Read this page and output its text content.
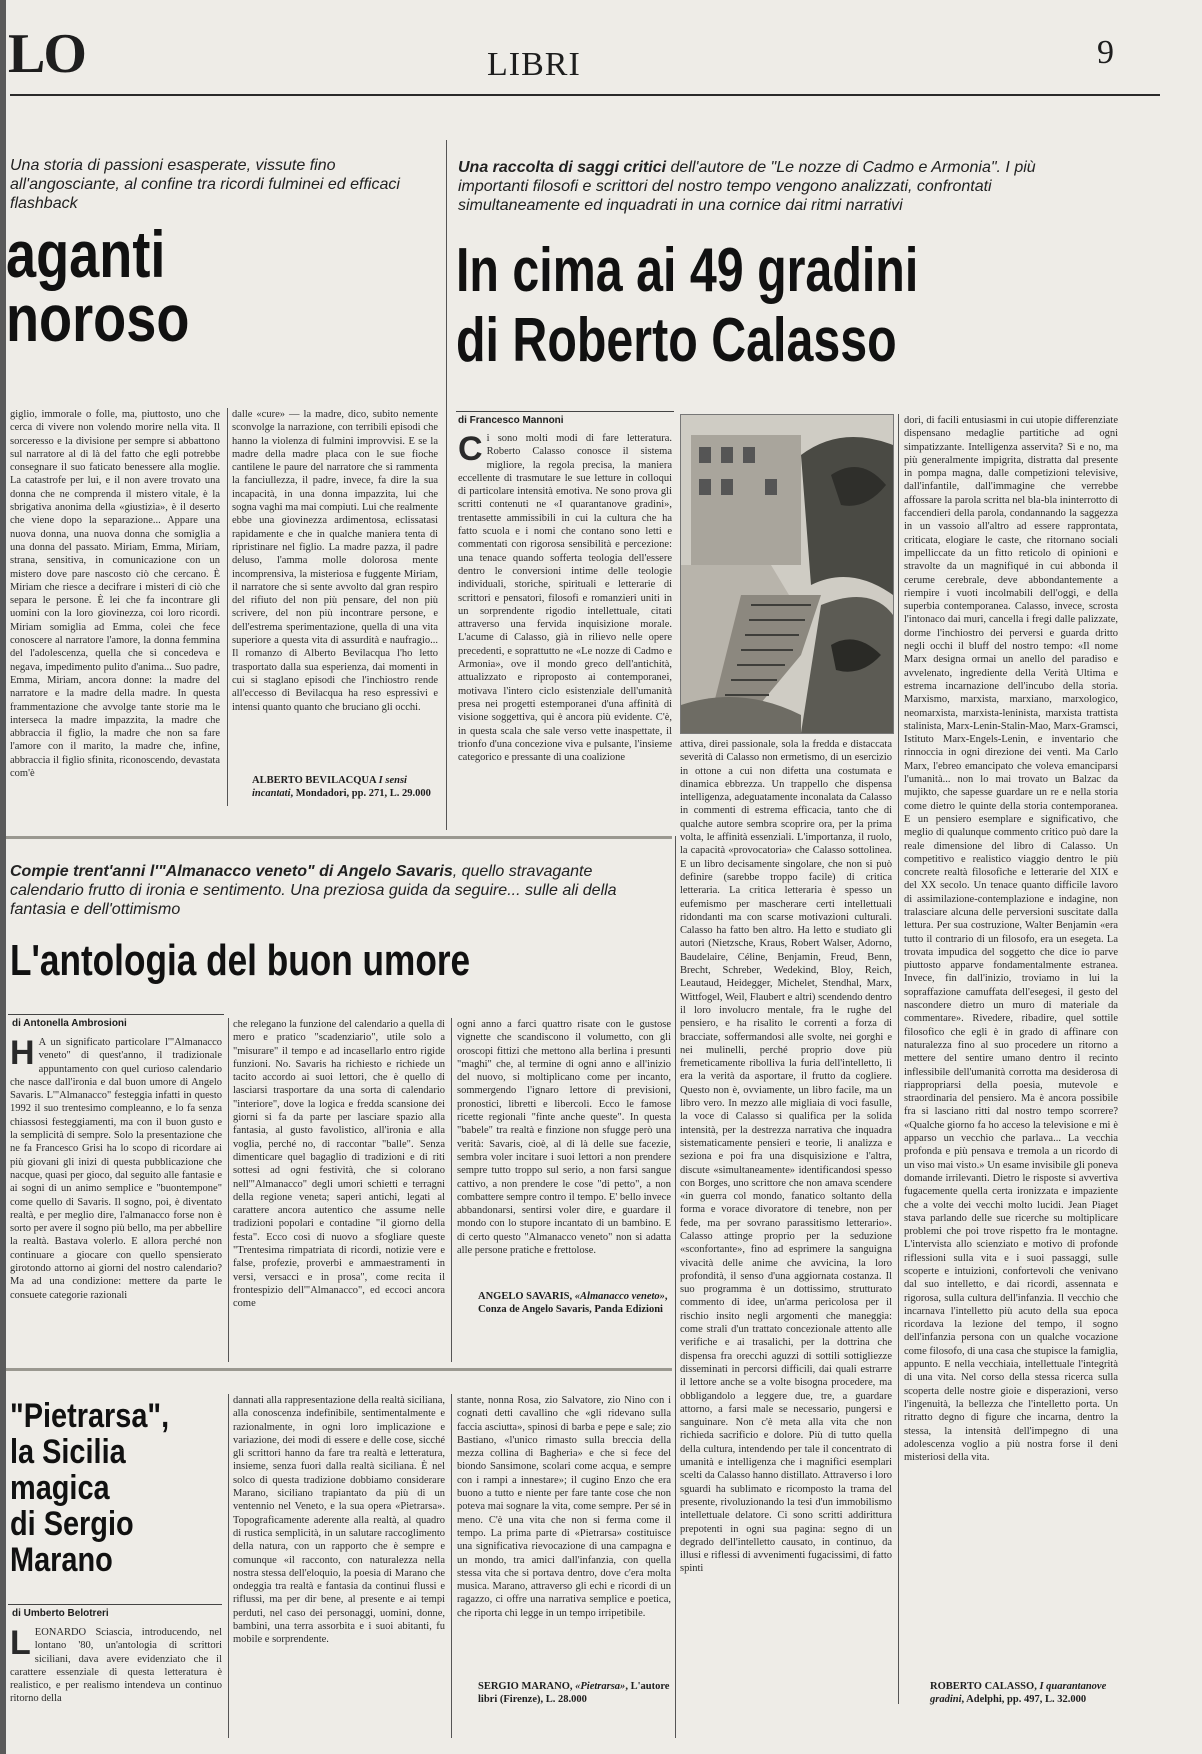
LO	LIBRI	9
Una storia di passioni esasperate, vissute fino all'angosciante, al confine tra ricordi fulminei ed efficaci flashback
aganti
noroso
giglio, immorale o folle, ma, piuttosto, uno che cerca di vivere non volendo morire nella vita. Il sorceresso e la divisione per sempre si abbattono sul narratore al di là del fatto che egli potrebbe consegnare il suo faticato benessere alla moglie. La catastrofe per lui, e il non avere trovato una donna che ne comprenda il mistero vitale, è la sbrigativa anonima della «giustizia», è il deserto che viene dopo la separazione... Appare una nuova donna, una nuova donna che somiglia a una donna del passato. Miriam, Emma, Miriam, strana, sensitiva, in comunicazione con un mistero dove pare nascosto ciò che cercano. È Miriam che riesce a decifrare i misteri di ciò che separa le persone. È lei che fa incontrare gli uomini con la loro giovinezza, coi loro ricordi. Miriam somiglia ad Emma, colei che fece conoscere al narratore l'amore, la donna femmina del l'adolescenza, quella che si concedeva e negava, impedimento pulito d'anima... Suo padre, Emma, Miriam, ancora donne: la madre del narratore e la madre della madre. In questa frammentazione che avvolge tante storie ma le interseca la madre impazzita, la madre che abbraccia il figlio, la madre che non sa fare l'amore con il marito, la madre che, infine, abbraccia il figlio sfinita, riconoscendo, devastata com'è
dalle «cure» — la madre, dico, subito nemente sconvolge la narrazione, con terribili episodi che hanno la violenza di fulmini improvvisi. E se la madre della madre placa con le sue fioche cantilene le paure del narratore che si rammenta la fanciullezza, il padre, invece, fa dire la sua incapacità, in una donna impazzita, lui che sogna vaghi ma mai compiuti. Lui che realmente ebbe una giovinezza ardimentosa, eclissatasi rapidamente e che in qualche maniera tenta di ripristinare nel figlio. La madre pazza, il padre deluso, l'amma molle dolorosa mente incomprensiva, la misteriosa e fuggente Miriam, il narratore che si sente avvolto dal gran respiro del rifiuto del non più pensare, del non più scrivere, del non più incontrare persone, e dell'estrema sperimentazione, quella di una vita superiore a questa vita di assurdità e naufragio... Il romanzo di Alberto Bevilacqua l'ho letto trasportato dalla sua esperienza, dai momenti in cui si staglano episodi che l'inchiostro rende all'eccesso di Bevilacqua ha reso espressivi e intensi quanto quanto che bruciano gli occhi.
ALBERTO BEVILACQUA I sensi incantati, Mondadori, pp. 271, L. 29.000
Una raccolta di saggi critici dell'autore de "Le nozze di Cadmo e Armonia". I più importanti filosofi e scrittori del nostro tempo vengono analizzati, confrontati simultaneamente ed inquadrati in una cornice dai ritmi narrativi
In cima ai 49 gradini
di Roberto Calasso
di Francesco Mannoni
Ci sono molti modi di fare letteratura. Roberto Calasso conosce il sistema migliore, la regola precisa, la maniera eccellente di trasmutare le sue letture in colloqui di particolare intensità emotiva. Ne sono prova gli scritti contenuti ne «I quarantanove gradini», trentasette ammissibili in cui la cultura che ha fatto scuola e i nomi che contano sono letti e commentati con rigorosa sensibilità e percezione: una tenace quando sofferta teologia dell'essere dentro le conversioni intime delle teologie individuali, storiche, spirituali e letterarie di scrittori e pensatori, filosofi e romanzieri uniti in un sorprendente rigodio intellettuale, citati attraverso una fervida inquisizione morale. L'acume di Calasso, già in rilievo nelle opere precedenti, e soprattutto ne «Le nozze di Cadmo e Armonia», ove il mondo greco dell'antichità, attualizzato e riproposto ai contemporanei, motivava l'intero ciclo esistenziale dell'umanità presa nei progetti estemporanei d'una affinità di visione soggettiva, qui è ancora più evidente. C'è, in questa scala che sale verso vette inaspettate, il trionfo d'una concezione viva e pulsante, l'insieme categorico e pressante di una coalizione
attiva, direi passionale, sola la fredda e distaccata severità di Calasso non ermetismo, di un esercizio in ottone a cui non difetta una costumata e dinamica ebbrezza. Un trappello che dispensa intelligenza, adeguatamente inconalata da Calasso in commenti di estrema efficacia, tanto che di qualche autore sembra scoprire ora, per la prima volta, le affinità essenziali. L'importanza, il ruolo, la capacità «provocatoria» che Calasso sottolinea. E un libro decisamente singolare, che non si può definire (sarebbe troppo facile) di critica letteraria. La critica letteraria è spesso un eufemismo per mascherare certi intellettuali ridondanti ma con scarse motivazioni culturali. Calasso ha fatto ben altro. Ha letto e studiato gli autori (Nietzsche, Kraus, Robert Walser, Adorno, Baudelaire, Céline, Benjamin, Freud, Benn, Brecht, Schreber, Wedekind, Bloy, Reich, Leautaud, Heidegger, Michelet, Stendhal, Marx, Wittfogel, Weil, Flaubert e altri) scendendo dentro il loro involucro mentale, fra le rughe del pensiero, e ha risalito le correnti a forza di bracciate, soffermandosi alle svolte, nei gorghi e nei mulinelli, perché proprio dove più fremeticamente ribolliva la furia dell'intelletto, lì era la verità da asportare, il frutto da cogliere. Questo non è, ovviamente, un libro facile, ma un libro vero. In mezzo alle migliaia di voci fasulle, la voce di Calasso si qualifica per la solida intensità, per la destrezza narrativa che inquadra sistematicamente pensieri e teorie, li analizza e seziona e poi fra una disquisizione e l'altra, discute «simultaneamente» identificandosi spesso con Borges, uno scrittore che non amava scendere «in guerra col mondo, fanatico soltanto della forma e vorace divoratore di tenebre, non per fede, ma per sovrano parassitismo letterario». Calasso attinge proprio per la seduzione «sconfortante», fino ad esprimere la sanguigna vivacità delle anime che avvicina, la loro profondità, il senso d'una aggiornata costanza. Il suo programma è un dottissimo, strutturato commento di idee, un'arma pericolosa per il rischio insito negli argomenti che maneggia: come strali d'un trattato concezionale attento alle verifiche e ai trasalichi, per la dottrina che dispensa fra orecchi aguzzi di sottili sottigliezze disseminati in percorsi difficili, dai quali estrarre il lettore anche se a volte bisogna procedere, ma obbligandolo a leggere due, tre, a guardare attorno, a farsi male se necessario, pungersi e sanguinare. Non c'è meta alla vita che non richieda sacrificio e dolore. Più di tutto quella della cultura, intendendo per tale il concentrato di umanità e intelligenza che i magnifici esemplari scelti da Calasso hanno distillato. Attraverso i loro sguardi ha sublimato e ricomposto la trama del presente, rivoluzionando la tesi d'un immobilismo intellettuale delatore. Ci sono scritti addirittura prepotenti in ogni sua pagina: segno di un degrado dell'intelletto causato, in continuo, da illusi e riflessi di avvenimenti fugacissimi, di fatto spinti
dori, di facili entusiasmi in cui utopie differenziate dispensano medaglie partitiche ad ogni simpatizzante. Intelligenza asservita? Sì e no, ma più generalmente impigrita, distratta dal presente in pompa magna, dalle competizioni televisive, dall'infantile, dall'immagine che verrebbe affossare la parola scritta nel bla-bla ininterrotto di faccendieri della parola, condannando la saggezza in un vassoio all'altro ad essere rapprontata, criticata, elogiare le caste, che ritornano sociali impelliccate da un fitto reticolo di opinioni e stravolte da un magnifiqué in cui abbonda il cerume cerebrale, deve abbondantemente a riempire i vuoti incolmabili dell'oggi, e della superbia contemporanea. Calasso, invece, scrosta l'intonaco dai muri, cancella i fregi dalle palizzate, dorme l'inchiostro dei perversi e guarda dritto negli occhi il bluff del nostro tempo: «Il nome Marx designa ormai un anello del paradiso e avvelenato, ingrediente della Verità Ultima e estrema incarnazione dell'incubo della storia. Marxismo, marxista, marxiano, marxologico, neomarxista, marxista-leninista, marxista trattista stalinista, Marx-Lenin-Stalin-Mao, Marx-Gramsci, Istituto Marx-Engels-Lenin, e inventario che rinnoccia in ogni direzione dei venti. Ma Carlo Marx, l'ebreo emancipato che voleva emanciparsi l'umanità... non lo mai trovato un Balzac da mujikto, che sapesse guardare un re e nella storia come dietro le quinte della storia contemporanea. E un pensiero esemplare e significativo, che meglio di qualunque commento critico può dare la reale dimensione del libro di Calasso. Un competitivo e realistico viaggio dentro le più concrete realtà filosofiche e letterarie del XIX e del XX secolo. Un tenace quanto difficile lavoro di assimilazione-contemplazione e indagine, non tralasciare alcuna delle perversioni suscitate dalla lettura. Per sua costruzione, Walter Benjamin «era tutto il contrario di un filosofo, era un esegeta. La trovata impudica del soggetto che dice io parve piuttosto apparve fondamentalmente estranea. Invece, fin dall'inizio, troviamo in lui la sopraffazione camuffata dell'esegesi, il gesto del nascondere dietro un muro di materiale da commentare». Rivedere, ribadire, quel sottile filosofico che egli è in grado di affinare con naturalezza fino al suo procedere un ritorno a mettere del sentire umano dentro il recinto inflessibile dell'umanità corrotta ma desiderosa di riappropriarsi della poesia, mutevole e straordinaria del pensiero. Ma è ancora possibile fra si lasciano ritti dal nostro tempo scorrere? «Qualche giorno fa ho acceso la televisione e mi è apparso un vecchio che parlava... La vecchia profonda e più pensava e tremola a un ricordo di un viso mai visto.» Un esame invisibile gli poneva domande irrilevanti. Dietro le risposte si avvertiva fugacemente quella certa ironizzata e impaziente che a volte dei vecchi molto lucidi. Jean Piaget stava parlando delle sue ricerche su moltiplicare problemi che poi trove rispetto fra le montagne. L'intervista allo scienziato e motivo di profonde riflessioni sulla vita e i suoi passaggi, sulle scoperte e intuizioni, confortevoli che venivano dal suo intelletto, e dai ricordi, assennata e rigorosa, sulla cultura dell'infanzia. Il vecchio che incarnava l'intelletto più acuto della sua epoca ricordava la lezione del tempo, il sogno dell'infanzia persona con un qualche vocazione come filosofo, di una casa che stupisce la famiglia, appunto. E nella vecchiaia, intellettuale l'integrità di una vita. Nel corso della stessa ricerca sulla scoperta delle nostre gioie e disperazioni, verso l'ingenuità, la bellezza che l'intelletto porta. Un ritratto degno di figure che incarna, dentro la stessa, la intensità dell'impegno di una adolescenza voglio a più nostra forse il deni misteriosi della vita.
ROBERTO CALASSO, I quarantanove gradini, Adelphi, pp. 497, L. 32.000
Compie trent'anni l'"Almanacco veneto" di Angelo Savaris, quello stravagante calendario frutto di ironia e sentimento. Una preziosa guida da seguire... sulle ali della fantasia e dell'ottimismo
L'antologia del buon umore
di Antonella Ambrosioni
H A un significato particolare l'"Almanacco veneto" di quest'anno, il tradizionale appuntamento con quel curioso calendario che nasce dall'ironia e dal buon umore di Angelo Savaris. L'"Almanacco" festeggia infatti in questo 1992 il suo trentesimo compleanno, e lo fa senza chiassosi festeggiamenti, ma con il buon gusto e la semplicità di sempre. Solo la presentazione che ne fa Francesco Grisi ha lo scopo di ricordare ai più giovani gli inizi di questa pubblicazione che nacque, quasi per gioco, dal seguito alle fantasie e ai sogni di un animo semplice e "buontempone" come quello di Savaris. Il sogno, poi, è diventato realtà, e per meglio dire, l'almanacco forse non è sorto per avere il sogno più bello, ma per abbellire la realtà. Bastava volerlo. E allora perché non continuare a giocare con quello spensierato girotondo attorno ai giorni del nostro calendario? Ma ad una condizione: mettere da parte le consuete categorie razionali
che relegano la funzione del calendario a quella di mero e pratico "scadenziario", utile solo a "misurare" il tempo e ad incasellarlo entro rigide funzioni. No. Savaris ha richiesto e richiede un tacito accordo ai suoi lettori, che è quello di lasciarsi trasportare da una sorta di calendario "interiore", dove la logica e fredda scansione dei giorni si fa da parte per lasciare spazio alla fantasia, al gusto favolistico, all'ironia e alla voglia, perché no, di raccontar "balle". Senza dimenticare quel bagaglio di tradizioni e di riti sottesi ad ogni festività, che si colorano nell'"Almanacco" degli umori schietti e terragni della regione veneta; saperi antichi, legati al carattere ancora autentico che assume nelle tradizioni popolari e contadine "il giorno della festa". Ecco così di nuovo a sfogliare queste "Trentesima rimpatriata di ricordi, notizie vere e false, profezie, proverbi e ammaestramenti in versi, versacci e in prosa", come recita il frontespizio dell'"Almanacco", ed eccoci ancora come
ogni anno a farci quattro risate con le gustose vignette che scandiscono il volumetto, con gli oroscopi fittizi che mettono alla berlina i presunti "maghi" che, al termine di ogni anno e all'inizio del nuovo, si moltiplicano come per incanto, sommergendo l'ignaro lettore di previsioni, pronostici, libretti e libercoli. Ecco le famose ricette regionali "finte anche queste". In questa "babele" tra realtà e finzione non sfugge però una verità: Savaris, cioè, al di là delle sue facezie, sembra voler incitare i suoi lettori a non prendere sempre tutto troppo sul serio, a non farsi sangue cattivo, a non prendere le cose "di petto", a non combattere sempre contro il tempo. E' bello invece abbandonarsi, sentirsi voler dire, e guardare il mondo con lo stupore incantato di un bambino. E di certo questo "Almanacco veneto" non si adatta alle persone pratiche e frettolose.
ANGELO SAVARIS, «Almanacco veneto», Conza de Angelo Savaris, Panda Edizioni
"Pietrarsa",
la Sicilia
magica
di Sergio
Marano
di Umberto Belotreri
LEONARDO Sciascia, introducendo, nel lontano '80, un'antologia di scrittori siciliani, dava avere evidenziato che il carattere essenziale di questa letteratura è realistico, e per realismo intendeva un continuo ritorno della
dannati alla rappresentazione della realtà siciliana, alla conoscenza indefinibile, sentimentalmente e razionalmente, in ogni loro implicazione e variazione, dei modi di essere e delle cose, sicché gli scrittori hanno da fare tra realtà e letteratura, insieme, senza fuori dalla realtà siciliana. È nel solco di questa tradizione dobbiamo considerare Marano, siciliano trapiantato da più di un ventennio nel Veneto, e la sua opera «Pietrarsa». Topograficamente aderente alla realtà, al quadro di rustica semplicità, in un salutare raccoglimento della natura, con un rapporto che è sempre e comunque «il racconto, con naturalezza nella nostra stessa dell'eloquio, la poesia di Marano che ondeggia tra realtà e fantasia da continui flussi e riflussi, ma per dir bene, al presente e ai tempi perduti, nel caso dei personaggi, uomini, donne, bambini, una terra assorbita e i suoi abitanti, fu mobile e sorprendente.
stante, nonna Rosa, zio Salvatore, zio Nino con i cognati detti cavallino che «gli ridevano sulla faccia asciutta», spinosi di barba e pepe e sale; zio Bastiano, «l'unico rimasto sulla breccia della mezza collina di Bagheria» e che si fece del biondo Sansimone, scolari come acqua, e sempre con i rampi a innestare»; il cugino Enzo che era buono a tutto e niente per fare tante cose che non poteva mai sognare la vita, come sempre. Per sé in meno. C'è una vita che non si ferma come il tempo. La prima parte di «Pietrarsa» costituisce una significativa rievocazione di una campagna e un mondo, tra amici dall'infanzia, con quella stessa vita che si portava dentro, dove c'era molta musica. Marano, attraverso gli echi e ricordi di un ragazzo, ci offre una narrativa semplice e poetica, che riporta chi legge in un tempo irripetibile.
SERGIO MARANO, «Pietrarsa», L'autore libri (Firenze), L. 28.000
